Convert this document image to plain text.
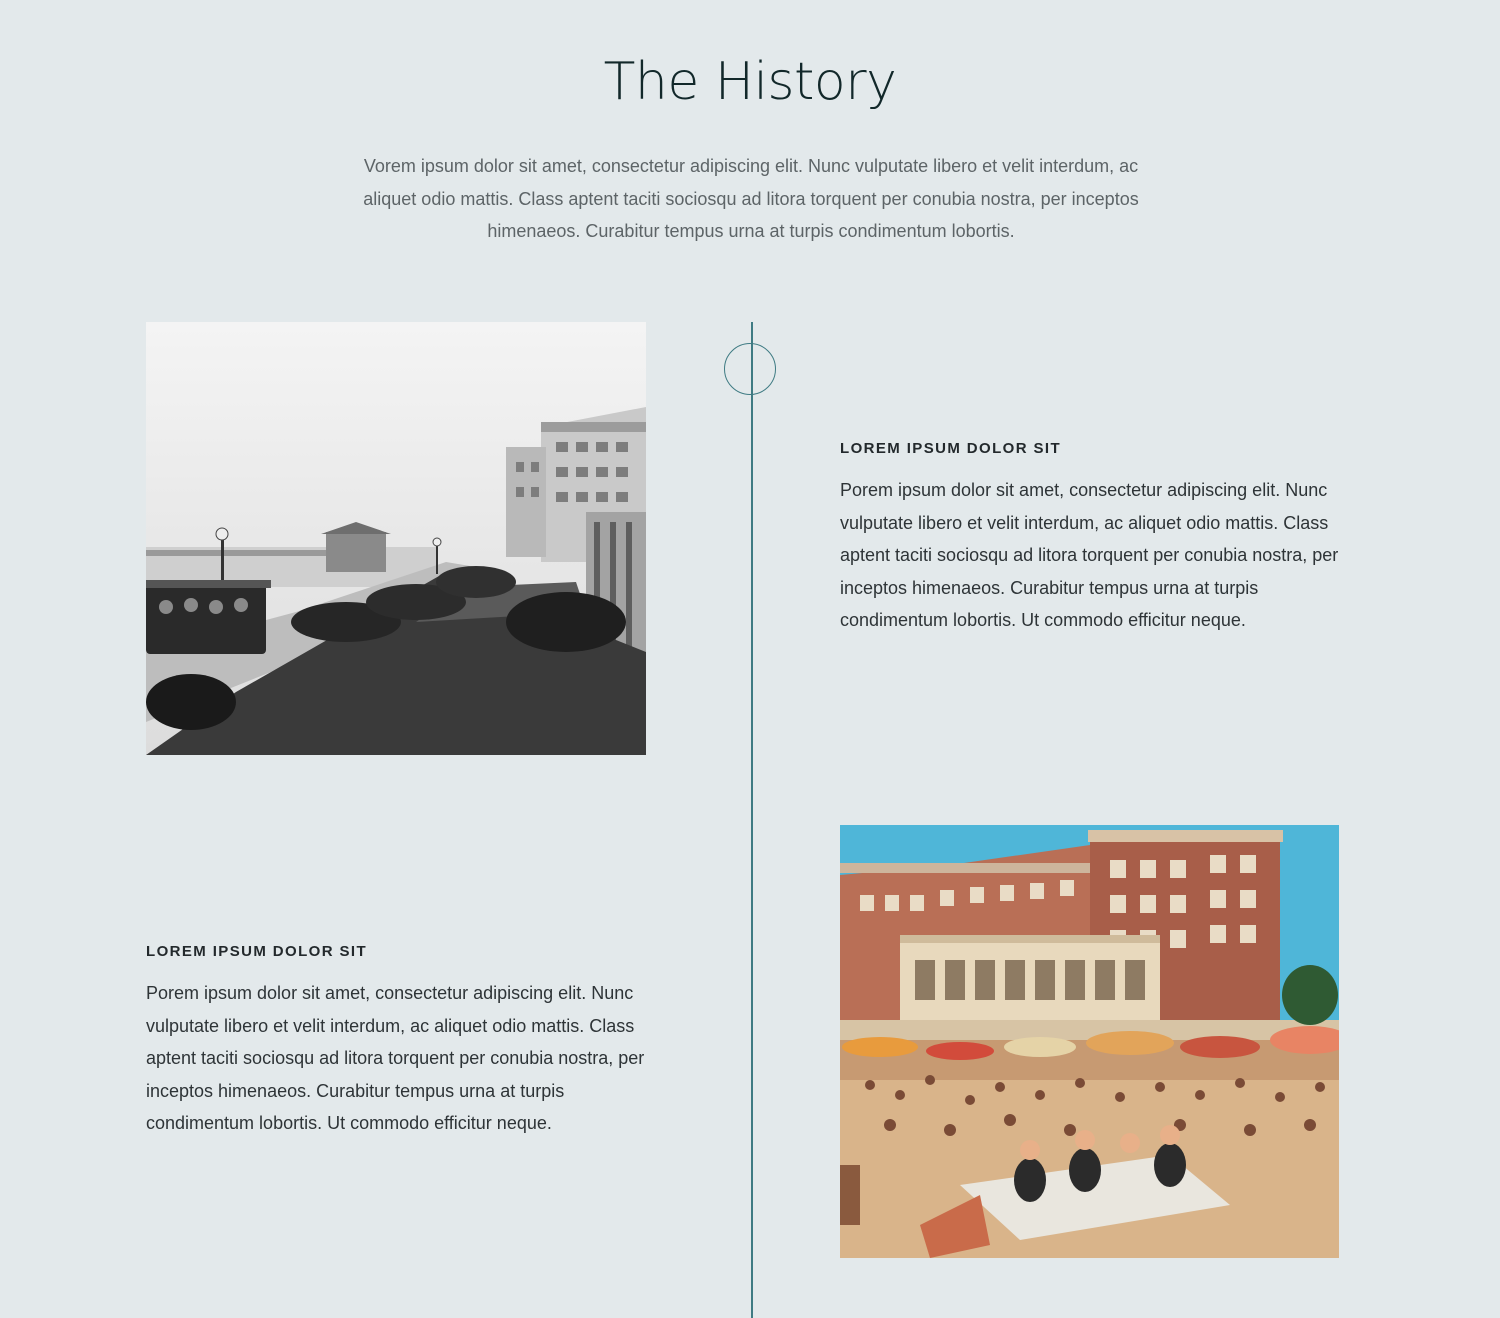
The History

Vorem ipsum dolor sit amet, consectetur adipiscing elit. Nunc vulputate libero et velit interdum, ac aliquet odio mattis. Class aptent taciti sociosqu ad litora torquent per conubia nostra, per inceptos himenaeos. Curabitur tempus urna at turpis condimentum lobortis.

LOREM IPSUM DOLOR SIT

Porem ipsum dolor sit amet, consectetur adipiscing elit. Nunc vulputate libero et velit interdum, ac aliquet odio mattis. Class aptent taciti sociosqu ad litora torquent per conubia nostra, per inceptos himenaeos. Curabitur tempus urna at turpis condimentum lobortis. Ut commodo efficitur neque.

LOREM IPSUM DOLOR SIT

Porem ipsum dolor sit amet, consectetur adipiscing elit. Nunc vulputate libero et velit interdum, ac aliquet odio mattis. Class aptent taciti sociosqu ad litora torquent per conubia nostra, per inceptos himenaeos. Curabitur tempus urna at turpis condimentum lobortis. Ut commodo efficitur neque.
